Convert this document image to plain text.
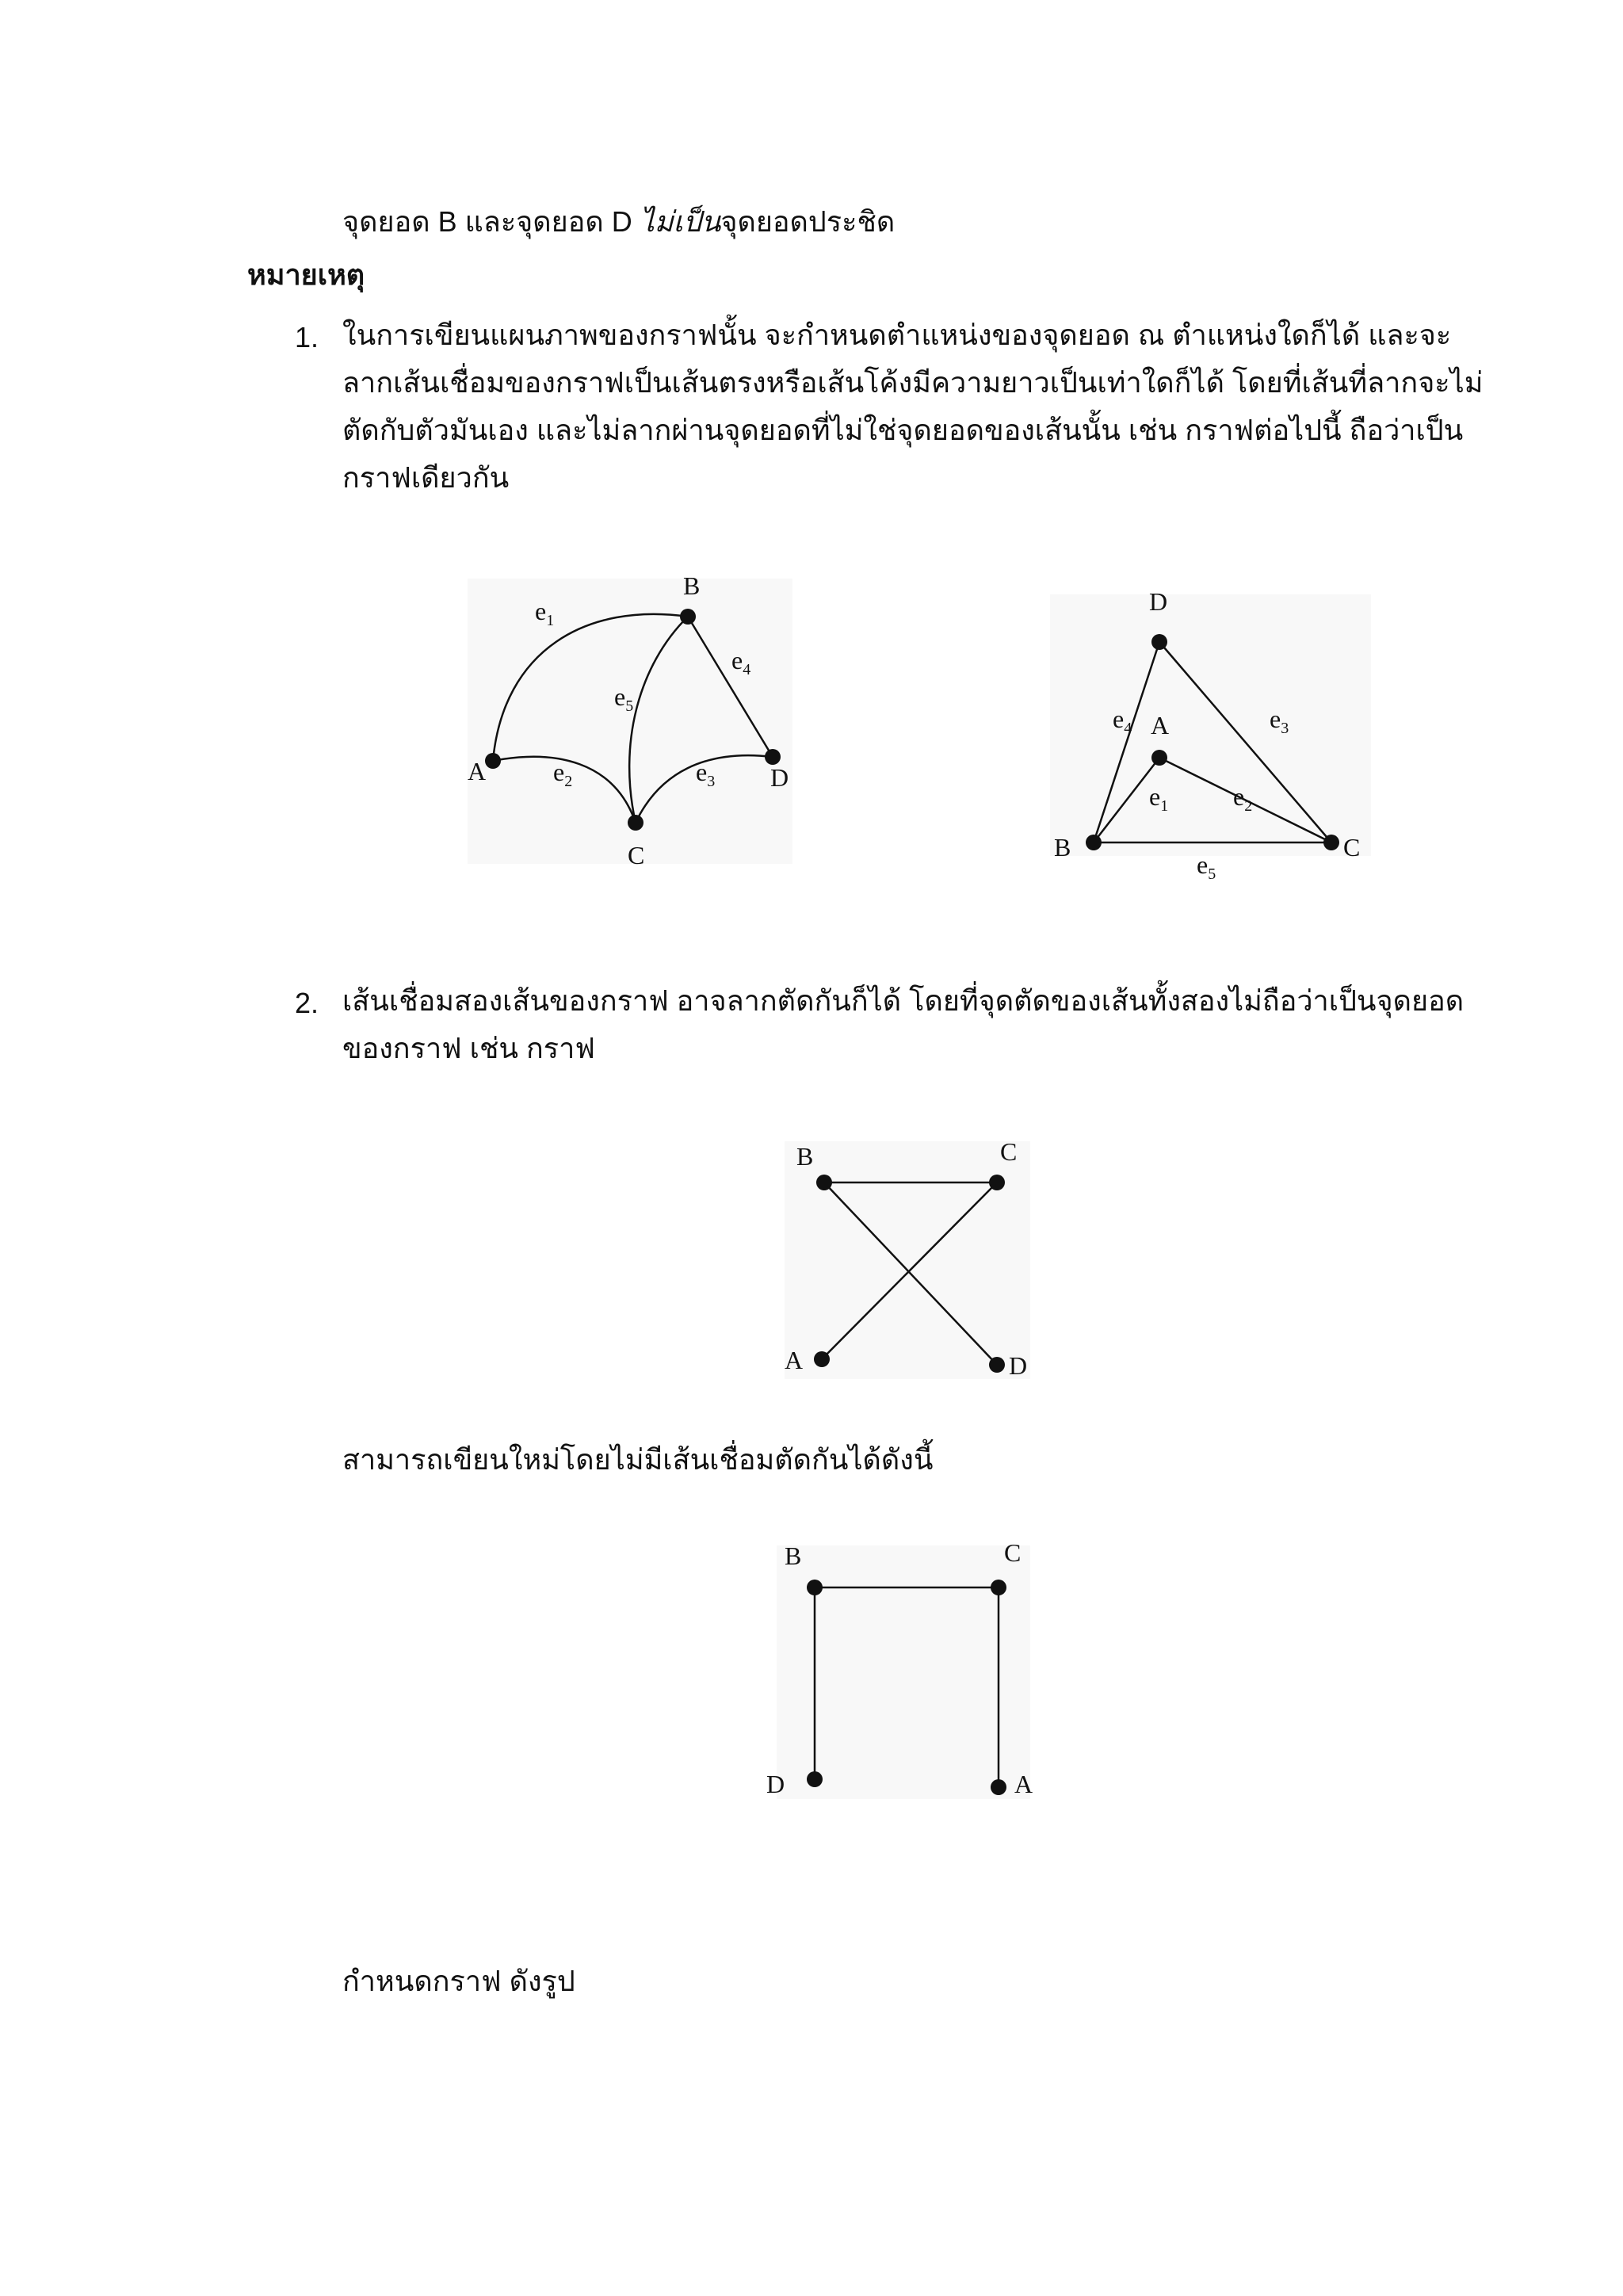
จุดยอด B และจุดยอด D ไม่เป็นจุดยอดประชิด
หมายเหตุ
1. ในการเขียนแผนภาพของกราฟนั้น จะกำหนดตำแหน่งของจุดยอด ณ ตำแหน่งใดก็ได้ และจะ
ลากเส้นเชื่อมของกราฟเป็นเส้นตรงหรือเส้นโค้งมีความยาวเป็นเท่าใดก็ได้ โดยที่เส้นที่ลากจะไม่
ตัดกับตัวมันเอง และไม่ลากผ่านจุดยอดที่ไม่ใช่จุดยอดของเส้นนั้น เช่น กราฟต่อไปนี้ ถือว่าเป็น
กราฟเดียวกัน
A
B
C
D
$e_1$
$e_2$	$e_3$
$e_4$
$e_5$
A
B	C
D
$e_1$	$e_2$
$e_3$
$e_4$
$e_5$
2. เส้นเชื่อมสองเส้นของกราฟ อาจลากตัดกันก็ได้ โดยที่จุดตัดของเส้นทั้งสองไม่ถือว่าเป็นจุดยอด
ของกราฟ เช่น กราฟ
A
B	C
D
สามารถเขียนใหม่โดยไม่มีเส้นเชื่อมตัดกันได้ดังนี้
A
B	C
D
กำหนดกราฟ ดังรูป
